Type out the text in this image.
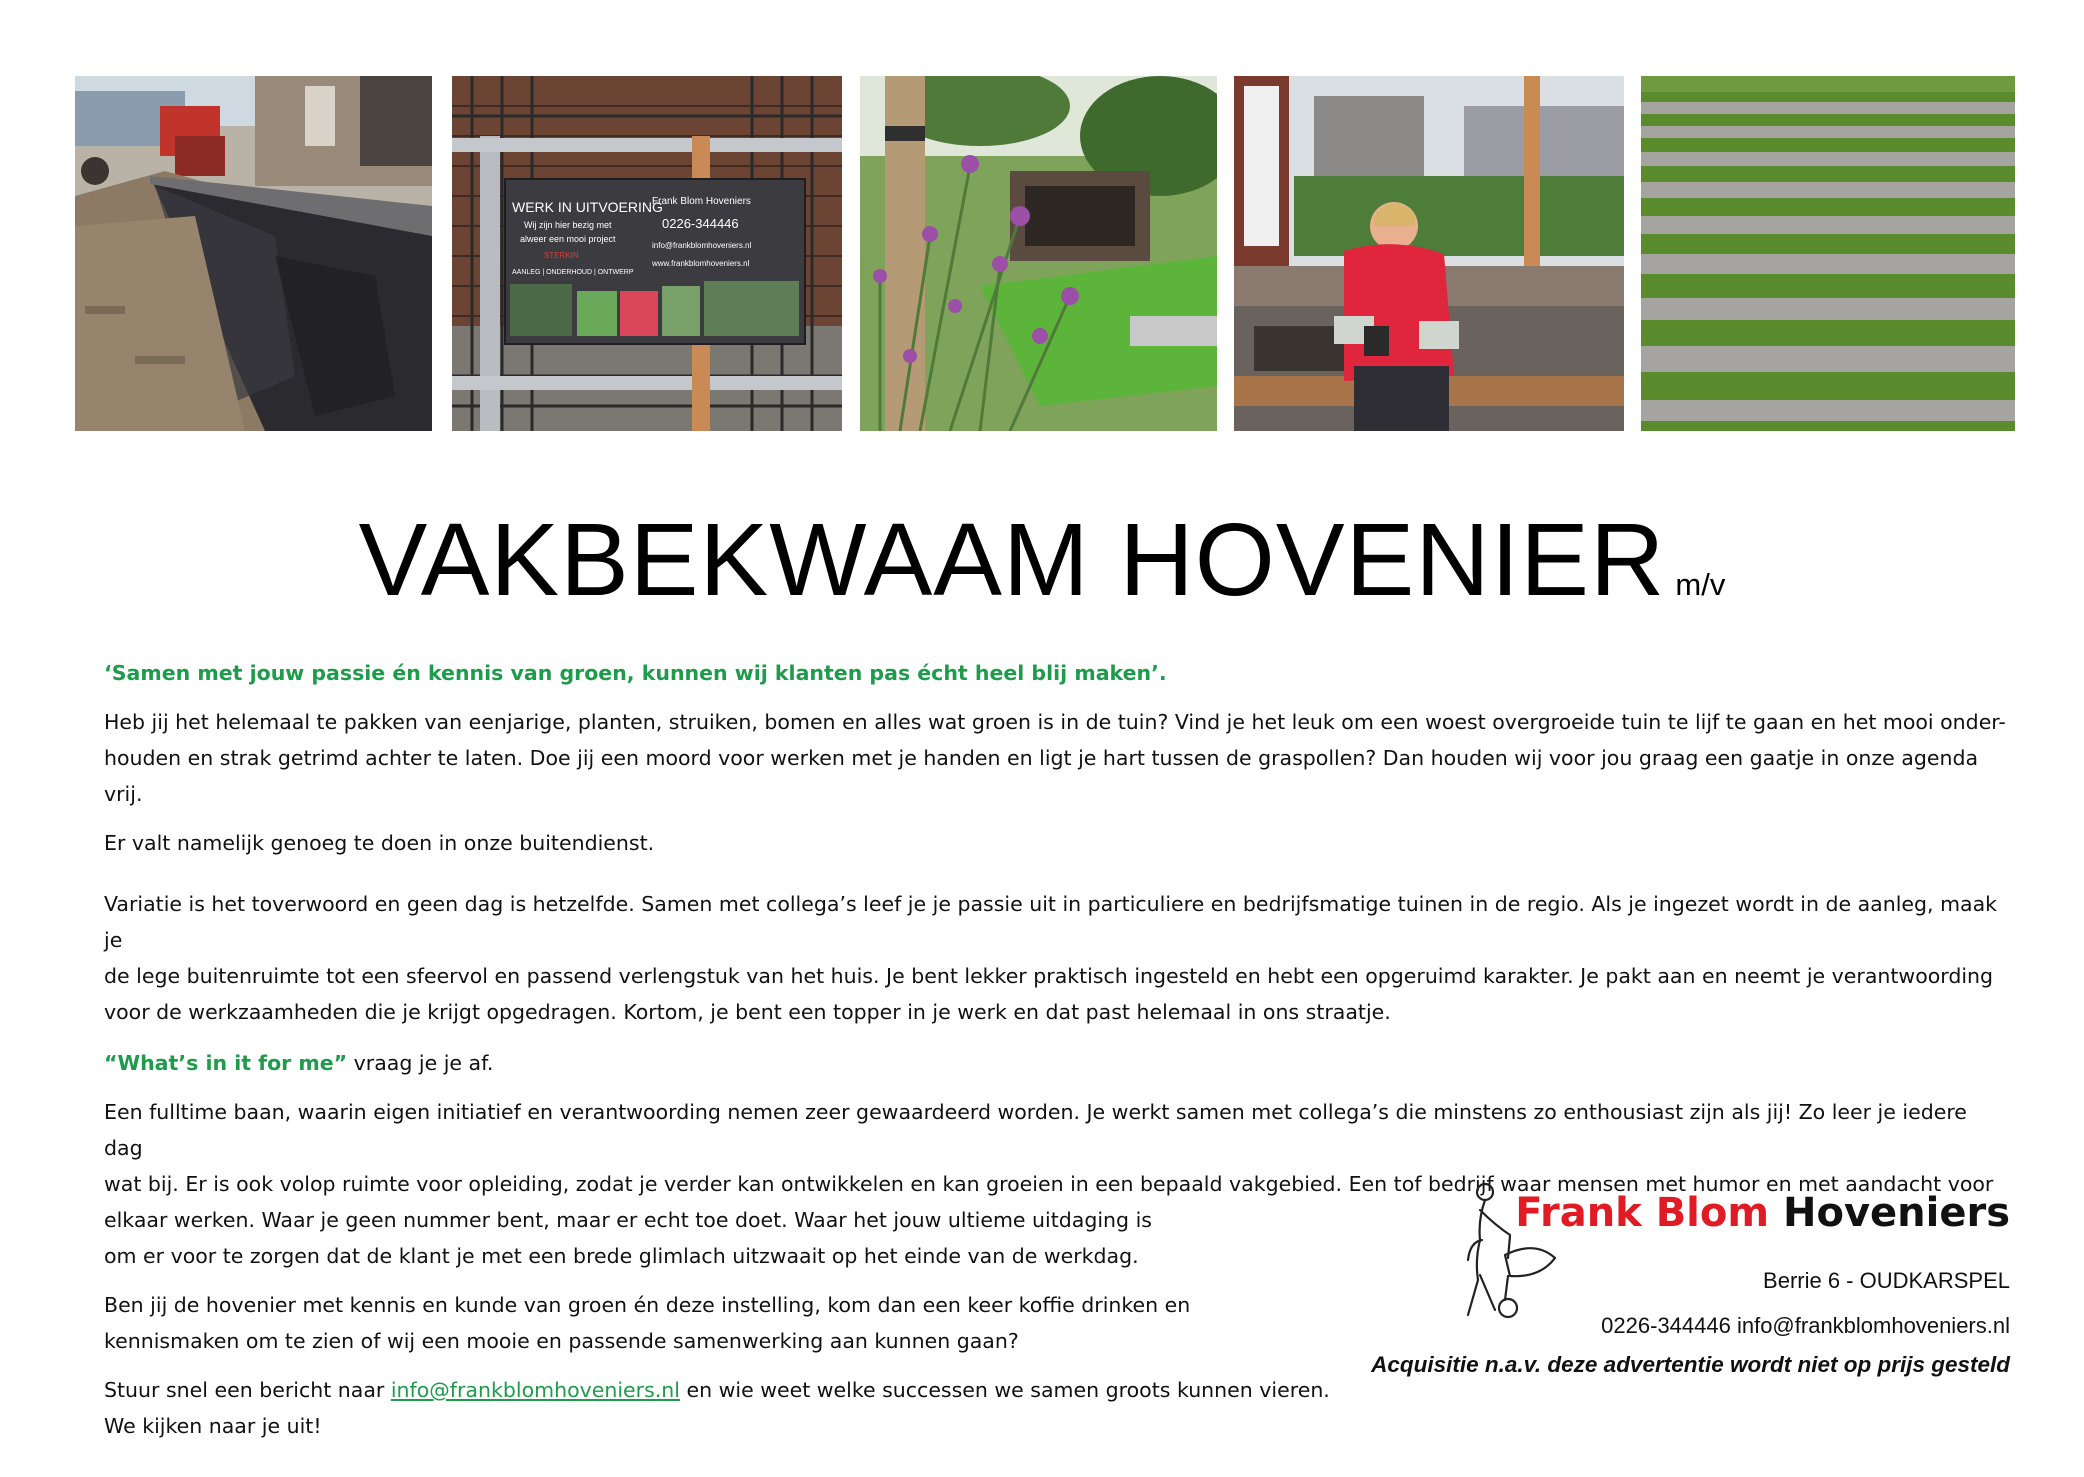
WERK IN UITVOERING
Wij zijn hier bezig met
alweer een mooi project
STERKIN
AANLEG | ONDERHOUD | ONTWERP
Frank Blom Hoveniers
0226-344446
info@frankblomhoveniers.nl
www.frankblomhoveniers.nl
VAKBEKWAAM HOVENIER m/v

‘Samen met jouw passie én kennis van groen, kunnen wij klanten pas écht heel blij maken’.

Heb jij het helemaal te pakken van eenjarige, planten, struiken, bomen en alles wat groen is in de tuin? Vind je het leuk om een woest overgroeide tuin te lijf te gaan en het mooi onder-

houden en strak getrimd achter te laten. Doe jij een moord voor werken met je handen en ligt je hart tussen de graspollen? Dan houden wij voor jou graag een gaatje in onze agenda vrij.

Er valt namelijk genoeg te doen in onze buitendienst.

Variatie is het toverwoord en geen dag is hetzelfde. Samen met collega’s leef je je passie uit in particuliere en bedrijfsmatige tuinen in de regio. Als je ingezet wordt in de aanleg, maak je

de lege buitenruimte tot een sfeervol en passend verlengstuk van het huis. Je bent lekker praktisch ingesteld en hebt een opgeruimd karakter. Je pakt aan en neemt je verantwoording

voor de werkzaamheden die je krijgt opgedragen. Kortom, je bent een topper in je werk en dat past helemaal in ons straatje.

“What’s in it for me” vraag je je af.

Een fulltime baan, waarin eigen initiatief en verantwoording nemen zeer gewaardeerd worden. Je werkt samen met collega’s die minstens zo enthousiast zijn als jij! Zo leer je iedere dag

wat bij. Er is ook volop ruimte voor opleiding, zodat je verder kan ontwikkelen en kan groeien in een bepaald vakgebied. Een tof bedrijf waar mensen met humor en met aandacht voor

elkaar werken. Waar je geen nummer bent, maar er echt toe doet. Waar het jouw ultieme uitdaging is

om er voor te zorgen dat de klant je met een brede glimlach uitzwaait op het einde van de werkdag.

Ben jij de hovenier met kennis en kunde van groen én deze instelling, kom dan een keer koffie drinken en

kennismaken om te zien of wij een mooie en passende samenwerking aan kunnen gaan?

Stuur snel een bericht naar info@frankblomhoveniers.nl en wie weet welke successen we samen groots kunnen vieren.

We kijken naar je uit!

Frank Blom Hoveniers
Berrie 6 - OUDKARSPEL
0226-344446 info@frankblomhoveniers.nl
Acquisitie n.a.v. deze advertentie wordt niet op prijs gesteld
